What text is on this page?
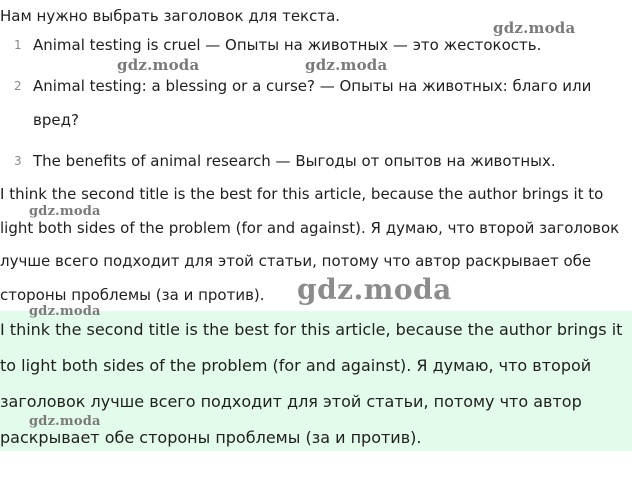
Нам нужно выбрать заголовок для текста.
1 Animal testing is cruel — Опыты на животных — это жестокость.
2 Animal testing: a blessing or a curse? — Опыты на животных: благо или вред?
3 The benefits of animal research — Выгоды от опытов на животных.

I think the second title is the best for this article, because the author brings it to light both sides of the problem (for and against). Я думаю, что второй заголовок лучше всего подходит для этой статьи, потому что автор раскрывает обе стороны проблемы (за и против).

I think the second title is the best for this article, because the author brings it to light both sides of the problem (for and against). Я думаю, что второй заголовок лучше всего подходит для этой статьи, потому что автор раскрывает обе стороны проблемы (за и против).

gdz.moda
gdz.moda	gdz.moda
gdz.moda
gdz.moda
gdz.moda
gdz.moda
